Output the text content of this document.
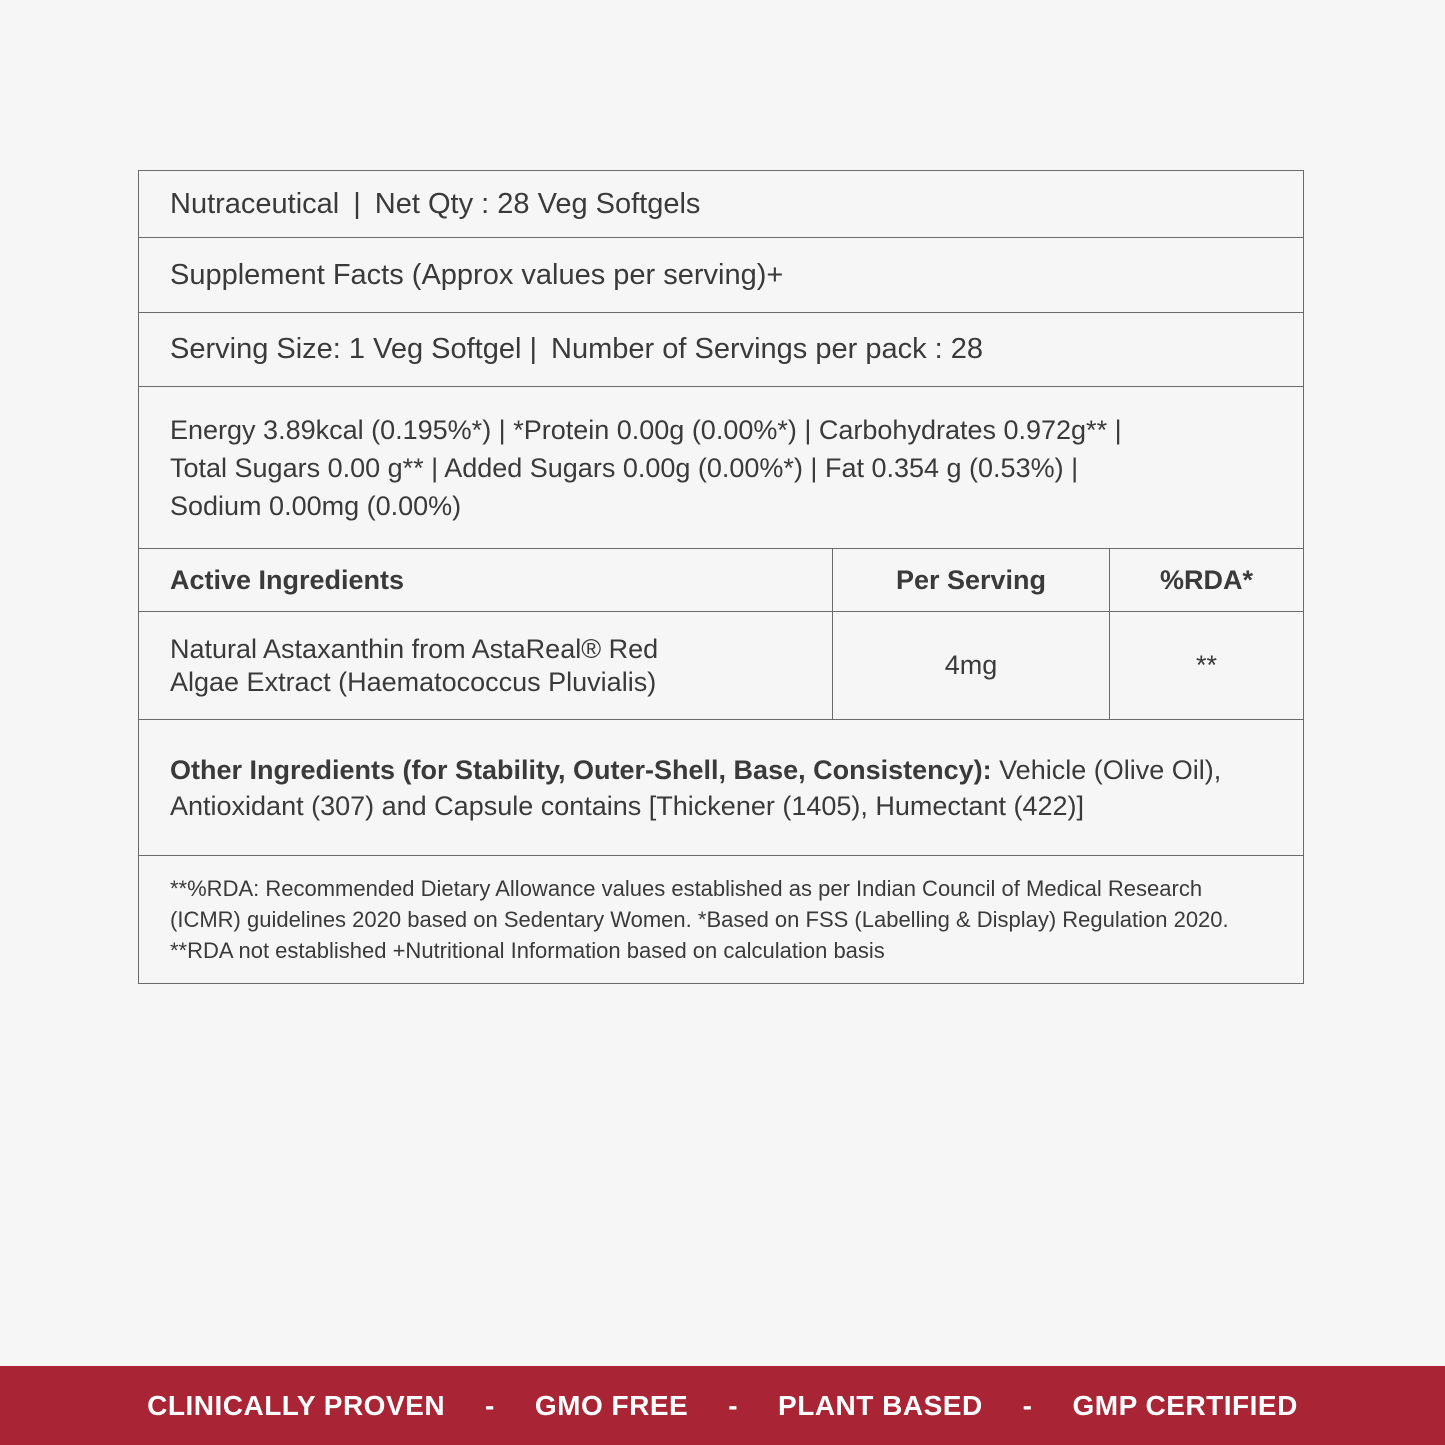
Nutraceutical | Net Qty : 28 Veg Softgels
Supplement Facts (Approx values per serving)+
Serving Size: 1 Veg Softgel | Number of Servings per pack : 28
Energy 3.89kcal (0.195%*) | *Protein 0.00g (0.00%*) | Carbohydrates 0.972g** |
Total Sugars 0.00 g** | Added Sugars 0.00g (0.00%*) | Fat 0.354 g (0.53%) |
Sodium 0.00mg (0.00%)
Active Ingredients	Per Serving	%RDA*
Natural Astaxanthin from AstaReal® Red
Algae Extract (Haematococcus Pluvialis)
4mg	**
Other Ingredients (for Stability, Outer-Shell, Base, Consistency): Vehicle (Olive Oil), Antioxidant (307) and Capsule contains [Thickener (1405), Humectant (422)]
**%RDA: Recommended Dietary Allowance values established as per Indian Council of Medical Research (ICMR) guidelines 2020 based on Sedentary Women. *Based on FSS (Labelling & Display) Regulation 2020. **RDA not established +Nutritional Information based on calculation basis
CLINICALLY PROVEN	-	GMO FREE	-	PLANT BASED	-	GMP CERTIFIED
